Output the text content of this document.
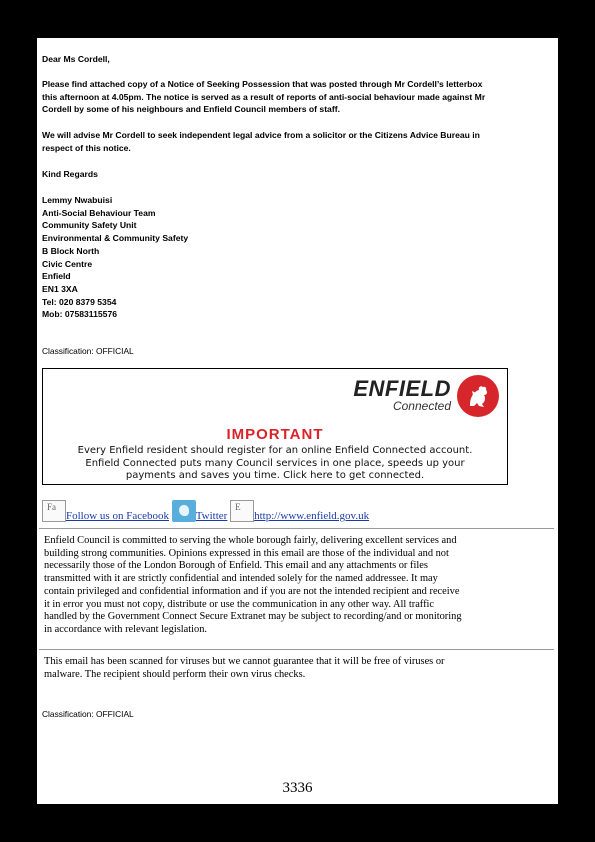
Dear Ms Cordell,
Please find attached copy of a Notice of Seeking Possession that was posted through Mr Cordell’s letterbox
this afternoon at 4.05pm. The notice is served as a result of reports of anti-social behaviour made against Mr
Cordell by some of his neighbours and Enfield Council members of staff.
We will advise Mr Cordell to seek independent legal advice from a solicitor or the Citizens Advice Bureau in
respect of this notice.
Kind Regards
Lemmy Nwabuisi
Anti-Social Behaviour Team
Community Safety Unit
Environmental & Community Safety
B Block North
Civic Centre
Enfield
EN1 3XA
Tel: 020 8379 5354
Mob: 07583115576
Classification: OFFICIAL
ENFIELD
Connected
IMPORTANT
Every Enfield resident should register for an online Enfield Connected account.
Enfield Connected puts many Council services in one place, speeds up your
payments and saves you time. Click here to get connected.
Fa
Follow us on Facebook Twitter
E
http://www.enfield.gov.uk
Enfield Council is committed to serving the whole borough fairly, delivering excellent services and
building strong communities. Opinions expressed in this email are those of the individual and not
necessarily those of the London Borough of Enfield. This email and any attachments or files
transmitted with it are strictly confidential and intended solely for the named addressee. It may
contain privileged and confidential information and if you are not the intended recipient and receive
it in error you must not copy, distribute or use the communication in any other way. All traffic
handled by the Government Connect Secure Extranet may be subject to recording/and or monitoring
in accordance with relevant legislation.
This email has been scanned for viruses but we cannot guarantee that it will be free of viruses or
malware. The recipient should perform their own virus checks.
Classification: OFFICIAL
3336
